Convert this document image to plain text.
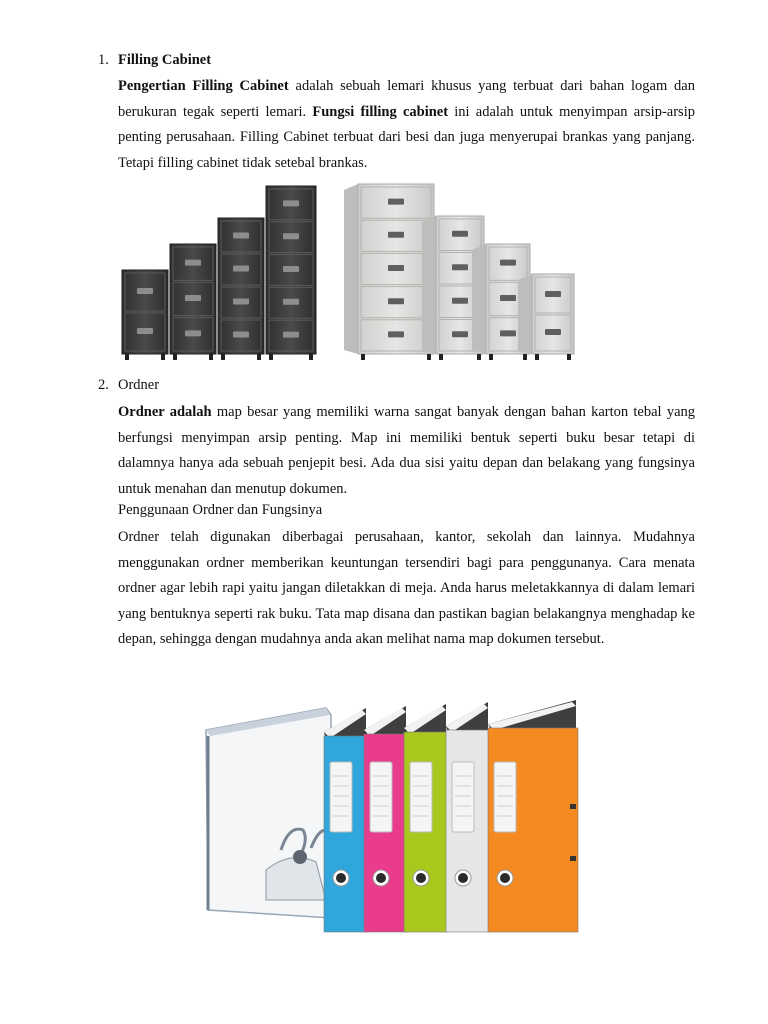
1. Filling Cabinet

Pengertian Filling Cabinet adalah sebuah lemari khusus yang terbuat dari bahan logam dan berukuran tegak seperti lemari. Fungsi filling cabinet ini adalah untuk menyimpan arsip-arsip penting perusahaan. Filling Cabinet terbuat dari besi dan juga menyerupai brankas yang panjang. Tetapi filling cabinet tidak setebal brankas.

2. Ordner

Ordner adalah map besar yang memiliki warna sangat banyak dengan bahan karton tebal yang berfungsi menyimpan arsip penting. Map ini memiliki bentuk seperti buku besar tetapi di dalamnya hanya ada sebuah penjepit besi. Ada dua sisi yaitu depan dan belakang yang fungsinya untuk menahan dan menutup dokumen.

Penggunaan Ordner dan Fungsinya

Ordner telah digunakan diberbagai perusahaan, kantor, sekolah dan lainnya. Mudahnya menggunakan ordner memberikan keuntungan tersendiri bagi para penggunanya. Cara menata ordner agar lebih rapi yaitu jangan diletakkan di meja. Anda harus meletakkannya di dalam lemari yang bentuknya seperti rak buku. Tata map disana dan pastikan bagian belakangnya menghadap ke depan, sehingga dengan mudahnya anda akan melihat nama map dokumen tersebut.
